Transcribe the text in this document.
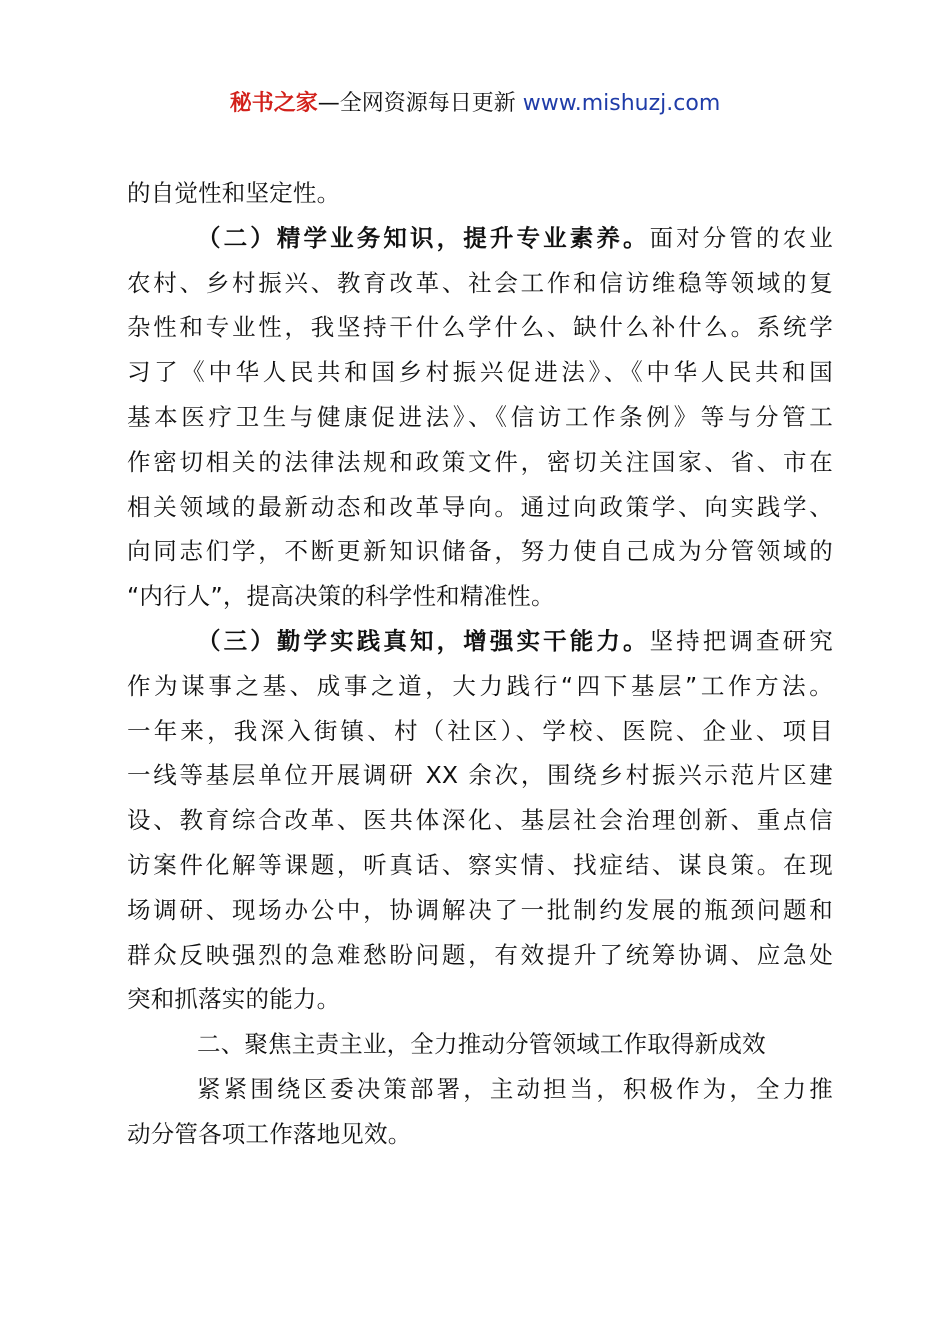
秘书之家—全网资源每日更新 www.mishuzj.com
的自觉性和坚定性。
（二）精学业务知识，提升专业素养。面对分管的农业
农村、乡村振兴、教育改革、社会工作和信访维稳等领域的复
杂性和专业性，我坚持干什么学什么、缺什么补什么。系统学
习了《中华人民共和国乡村振兴促进法》、《中华人民共和国
基本医疗卫生与健康促进法》、《信访工作条例》等与分管工
作密切相关的法律法规和政策文件，密切关注国家、省、市在
相关领域的最新动态和改革导向。通过向政策学、向实践学、
向同志们学，不断更新知识储备，努力使自己成为分管领域的
“内行人”，提高决策的科学性和精准性。
（三）勤学实践真知，增强实干能力。坚持把调查研究
作为谋事之基、成事之道，大力践行“四下基层”工作方法。
一年来，我深入街镇、村（社区）、学校、医院、企业、项目
一线等基层单位开展调研 XX 余次，围绕乡村振兴示范片区建
设、教育综合改革、医共体深化、基层社会治理创新、重点信
访案件化解等课题，听真话、察实情、找症结、谋良策。在现
场调研、现场办公中，协调解决了一批制约发展的瓶颈问题和
群众反映强烈的急难愁盼问题，有效提升了统筹协调、应急处
突和抓落实的能力。
二、聚焦主责主业，全力推动分管领域工作取得新成效
紧紧围绕区委决策部署，主动担当，积极作为，全力推
动分管各项工作落地见效。
